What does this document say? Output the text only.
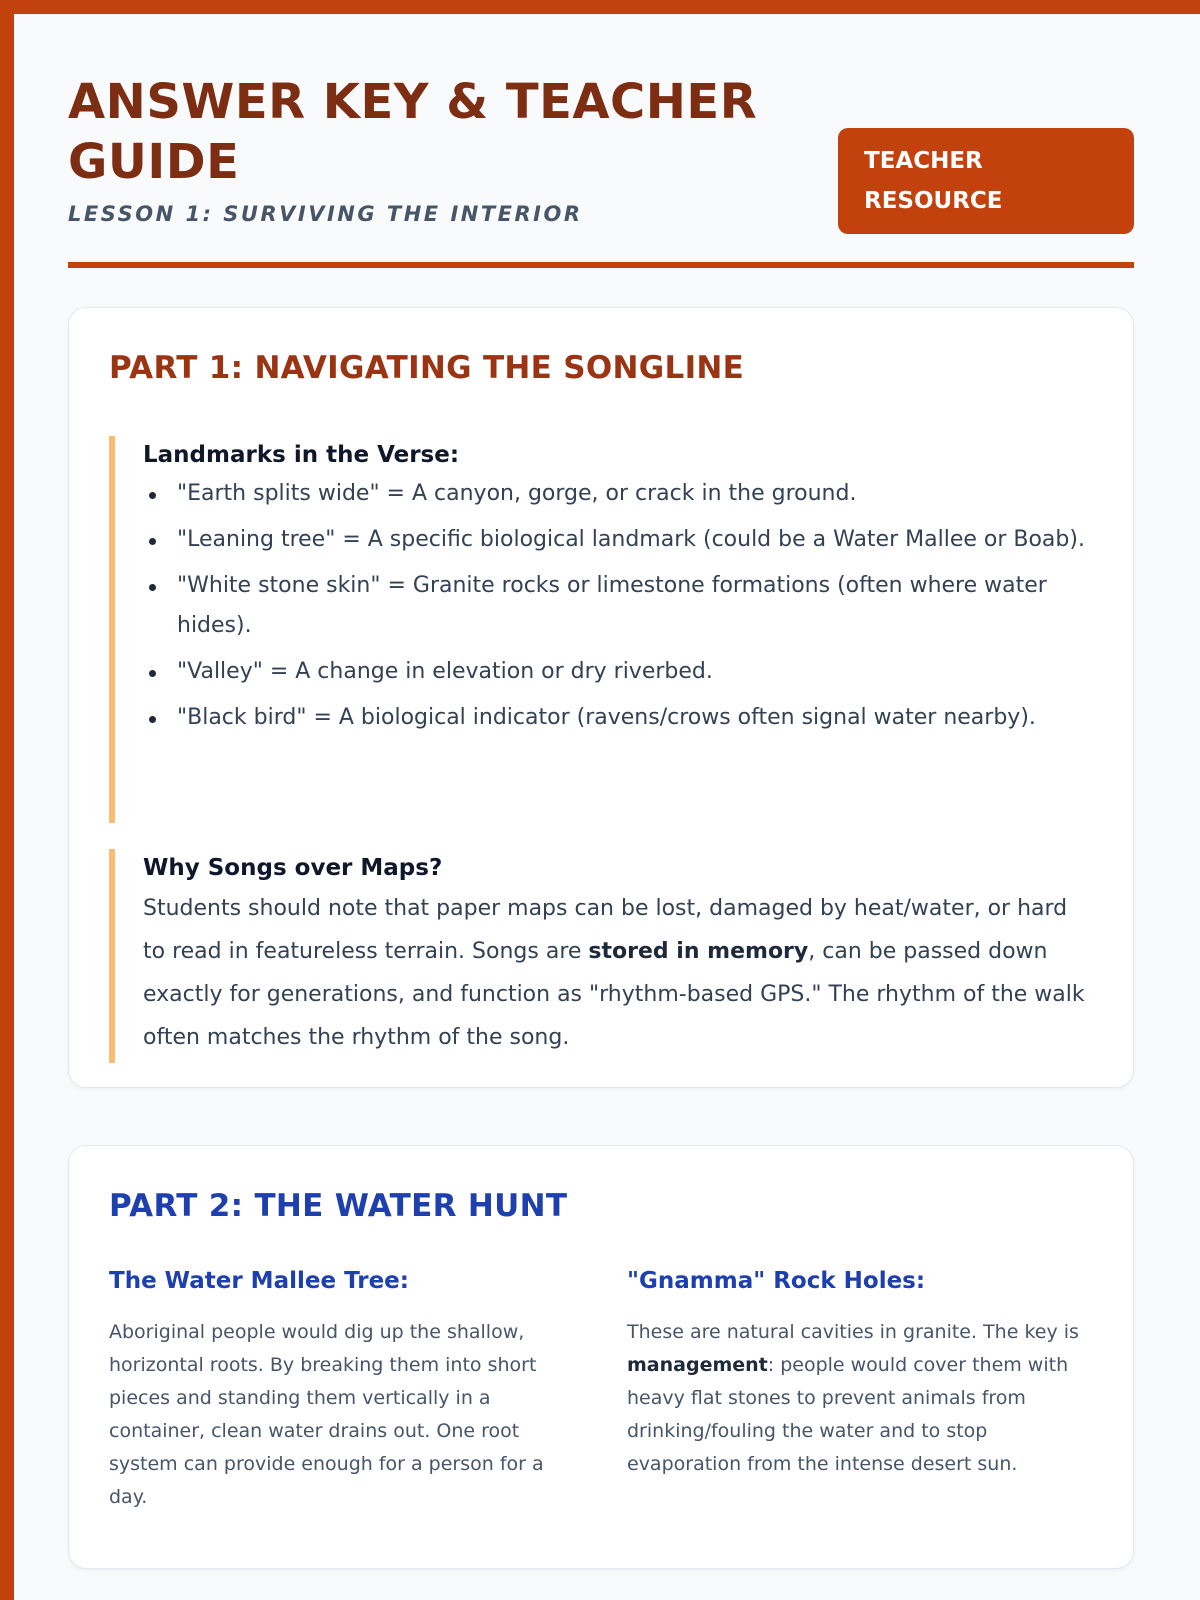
ANSWER KEY & TEACHER GUIDE
LESSON 1: SURVIVING THE INTERIOR
TEACHER RESOURCE
PART 1: NAVIGATING THE SONGLINE
Landmarks in the Verse:
"Earth splits wide" = A canyon, gorge, or crack in the ground.
"Leaning tree" = A specific biological landmark (could be a Water Mallee or Boab).
"White stone skin" = Granite rocks or limestone formations (often where water hides).
"Valley" = A change in elevation or dry riverbed.
"Black bird" = A biological indicator (ravens/crows often signal water nearby).
Why Songs over Maps?

Students should note that paper maps can be lost, damaged by heat/water, or hard to read in featureless terrain. Songs are stored in memory, can be passed down exactly for generations, and function as "rhythm-based GPS." The rhythm of the walk often matches the rhythm of the song.

PART 2: THE WATER HUNT
The Water Mallee Tree:

Aboriginal people would dig up the shallow, horizontal roots. By breaking them into short pieces and standing them vertically in a container, clean water drains out. One root system can provide enough for a person for a day.

"Gnamma" Rock Holes:

These are natural cavities in granite. The key is management: people would cover them with heavy flat stones to prevent animals from drinking/fouling the water and to stop evaporation from the intense desert sun.
